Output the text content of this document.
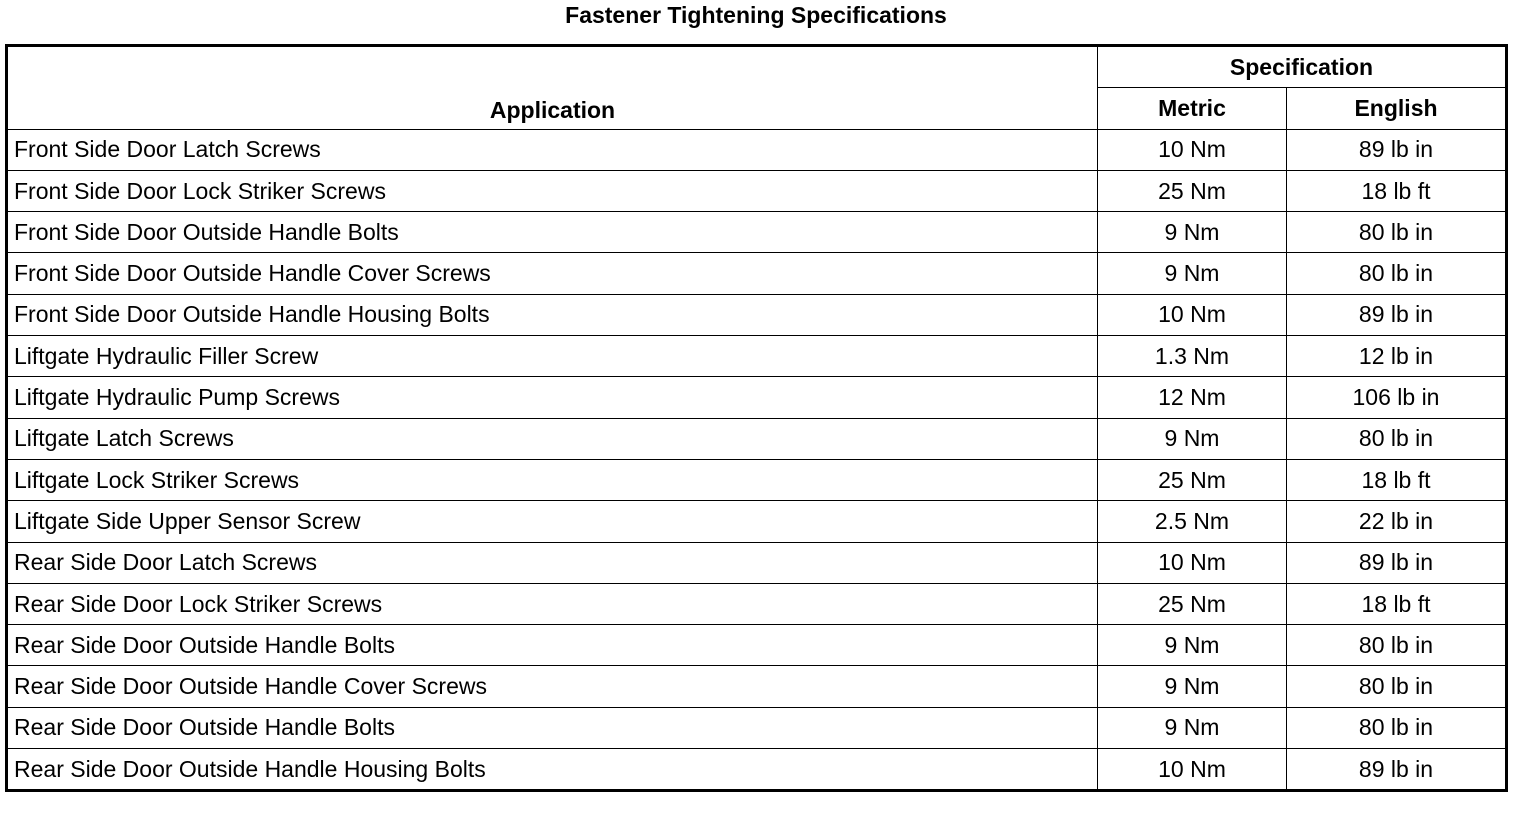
Fastener Tightening Specifications
Application	Specification	
	Metric	English
Front Side Door Latch Screws	10 Nm	89 lb in
Front Side Door Lock Striker Screws	25 Nm	18 lb ft
Front Side Door Outside Handle Bolts	9 Nm	80 lb in
Front Side Door Outside Handle Cover Screws	9 Nm	80 lb in
Front Side Door Outside Handle Housing Bolts	10 Nm	89 lb in
Liftgate Hydraulic Filler Screw	1.3 Nm	12 lb in
Liftgate Hydraulic Pump Screws	12 Nm	106 lb in
Liftgate Latch Screws	9 Nm	80 lb in
Liftgate Lock Striker Screws	25 Nm	18 lb ft
Liftgate Side Upper Sensor Screw	2.5 Nm	22 lb in
Rear Side Door Latch Screws	10 Nm	89 lb in
Rear Side Door Lock Striker Screws	25 Nm	18 lb ft
Rear Side Door Outside Handle Bolts	9 Nm	80 lb in
Rear Side Door Outside Handle Cover Screws	9 Nm	80 lb in
Rear Side Door Outside Handle Bolts	9 Nm	80 lb in
Rear Side Door Outside Handle Housing Bolts	10 Nm	89 lb in
